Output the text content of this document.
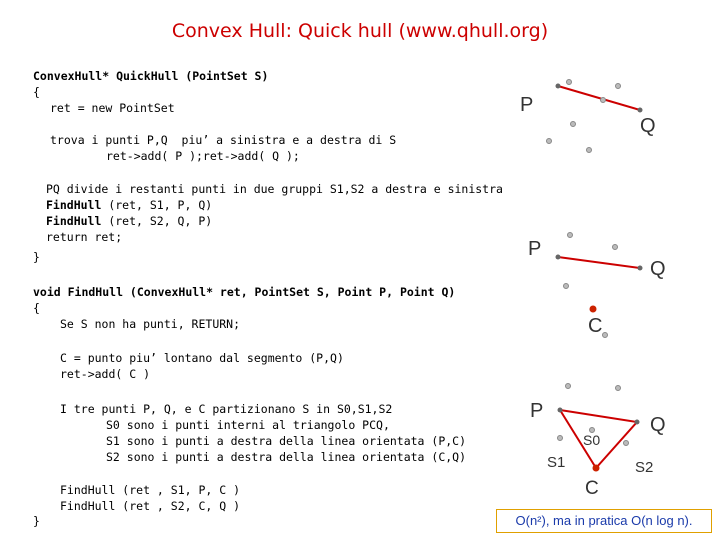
Convex Hull: Quick hull (www.qhull.org)
ConvexHull* QuickHull (PointSet S)
{
ret = new PointSet
trova i punti P,Q  piu’ a sinistra e a destra di S
ret->add( P );ret->add( Q );
PQ divide i restanti punti in due gruppi S1,S2 a destra e sinistra
FindHull (ret, S1, P, Q)
FindHull (ret, S2, Q, P)
return ret;
}
void FindHull (ConvexHull* ret, PointSet S, Point P, Point Q)
{
Se S non ha punti, RETURN;
C = punto piu’ lontano dal segmento (P,Q)
ret->add( C )
I tre punti P, Q, e C partizionano S in S0,S1,S2
S0 sono i punti interni al triangolo PCQ,
S1 sono i punti a destra della linea orientata (P,C)
S2 sono i punti a destra della linea orientata (C,Q)
FindHull (ret , S1, P, C )
FindHull (ret , S2, C, Q )
}
P
Q
P
Q
C
P
Q
S0
S1	S2
C
O(n²), ma in pratica O(n log n).
